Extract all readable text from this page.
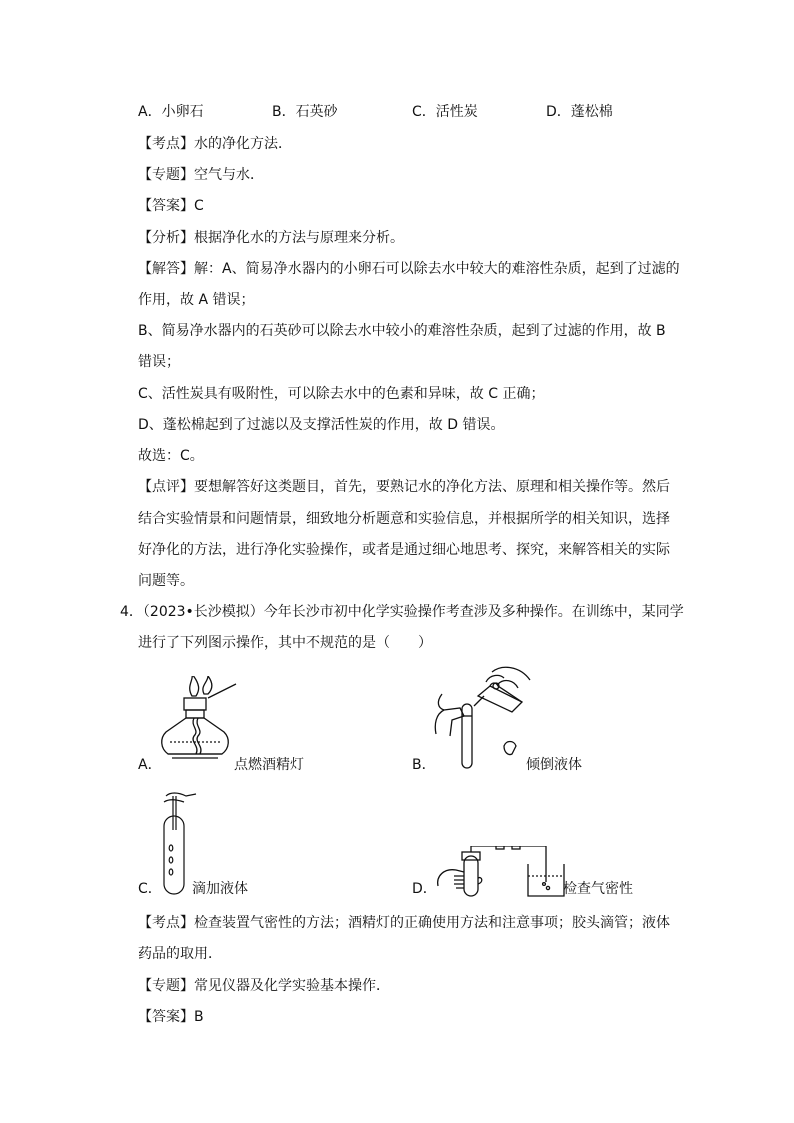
A．小卵石	B．石英砂	C．活性炭	D．蓬松棉
【考点】水的净化方法．
【专题】空气与水．
【答案】C
【分析】根据净化水的方法与原理来分析。
【解答】解：A、简易净水器内的小卵石可以除去水中较大的难溶性杂质，起到了过滤的
作用，故 A 错误；
B、简易净水器内的石英砂可以除去水中较小的难溶性杂质，起到了过滤的作用，故 B
错误；
C、活性炭具有吸附性，可以除去水中的色素和异味，故 C 正确；
D、蓬松棉起到了过滤以及支撑活性炭的作用，故 D 错误。
故选：C。
【点评】要想解答好这类题目，首先，要熟记水的净化方法、原理和相关操作等。然后
结合实验情景和问题情景，细致地分析题意和实验信息，并根据所学的相关知识，选择
好净化的方法，进行净化实验操作，或者是通过细心地思考、探究，来解答相关的实际
问题等。
4．（2023•长沙模拟）今年长沙市初中化学实验操作考查涉及多种操作。在训练中，某同学
进行了下列图示操作，其中不规范的是（　　）
A．	点燃酒精灯	B．	倾倒液体
C． 滴加液体	D．	检查气密性
【考点】检查装置气密性的方法；酒精灯的正确使用方法和注意事项；胶头滴管；液体
药品的取用．
【专题】常见仪器及化学实验基本操作．
【答案】B
